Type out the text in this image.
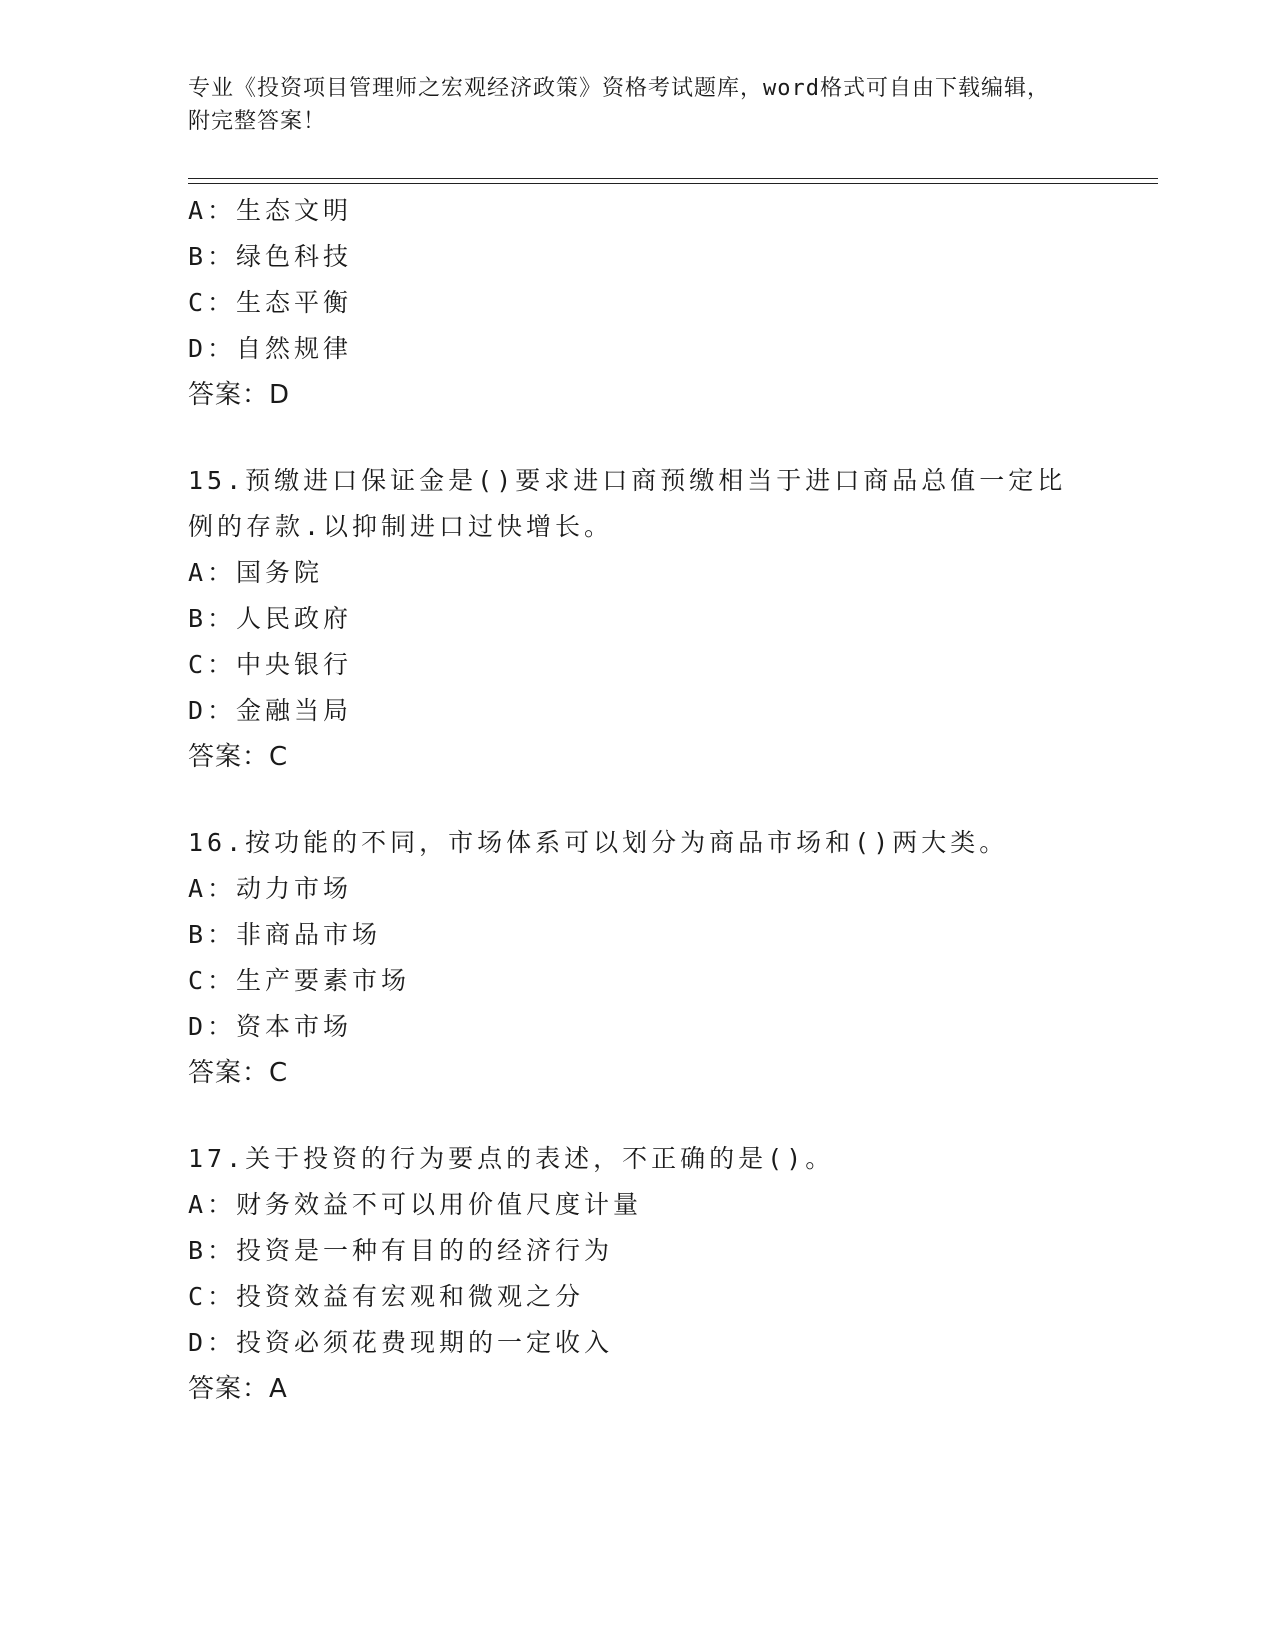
专业《投资项目管理师之宏观经济政策》资格考试题库，word格式可自由下载编辑，附完整答案！
A：生态文明
B：绿色科技
C：生态平衡
D：自然规律
答案：D
15.预缴进口保证金是()要求进口商预缴相当于进口商品总值一定比例的存款.以抑制进口过快增长。
A：国务院
B：人民政府
C：中央银行
D：金融当局
答案：C
16.按功能的不同，市场体系可以划分为商品市场和()两大类。
A：动力市场
B：非商品市场
C：生产要素市场
D：资本市场
答案：C
17.关于投资的行为要点的表述，不正确的是()。
A：财务效益不可以用价值尺度计量
B：投资是一种有目的的经济行为
C：投资效益有宏观和微观之分
D：投资必须花费现期的一定收入
答案：A
